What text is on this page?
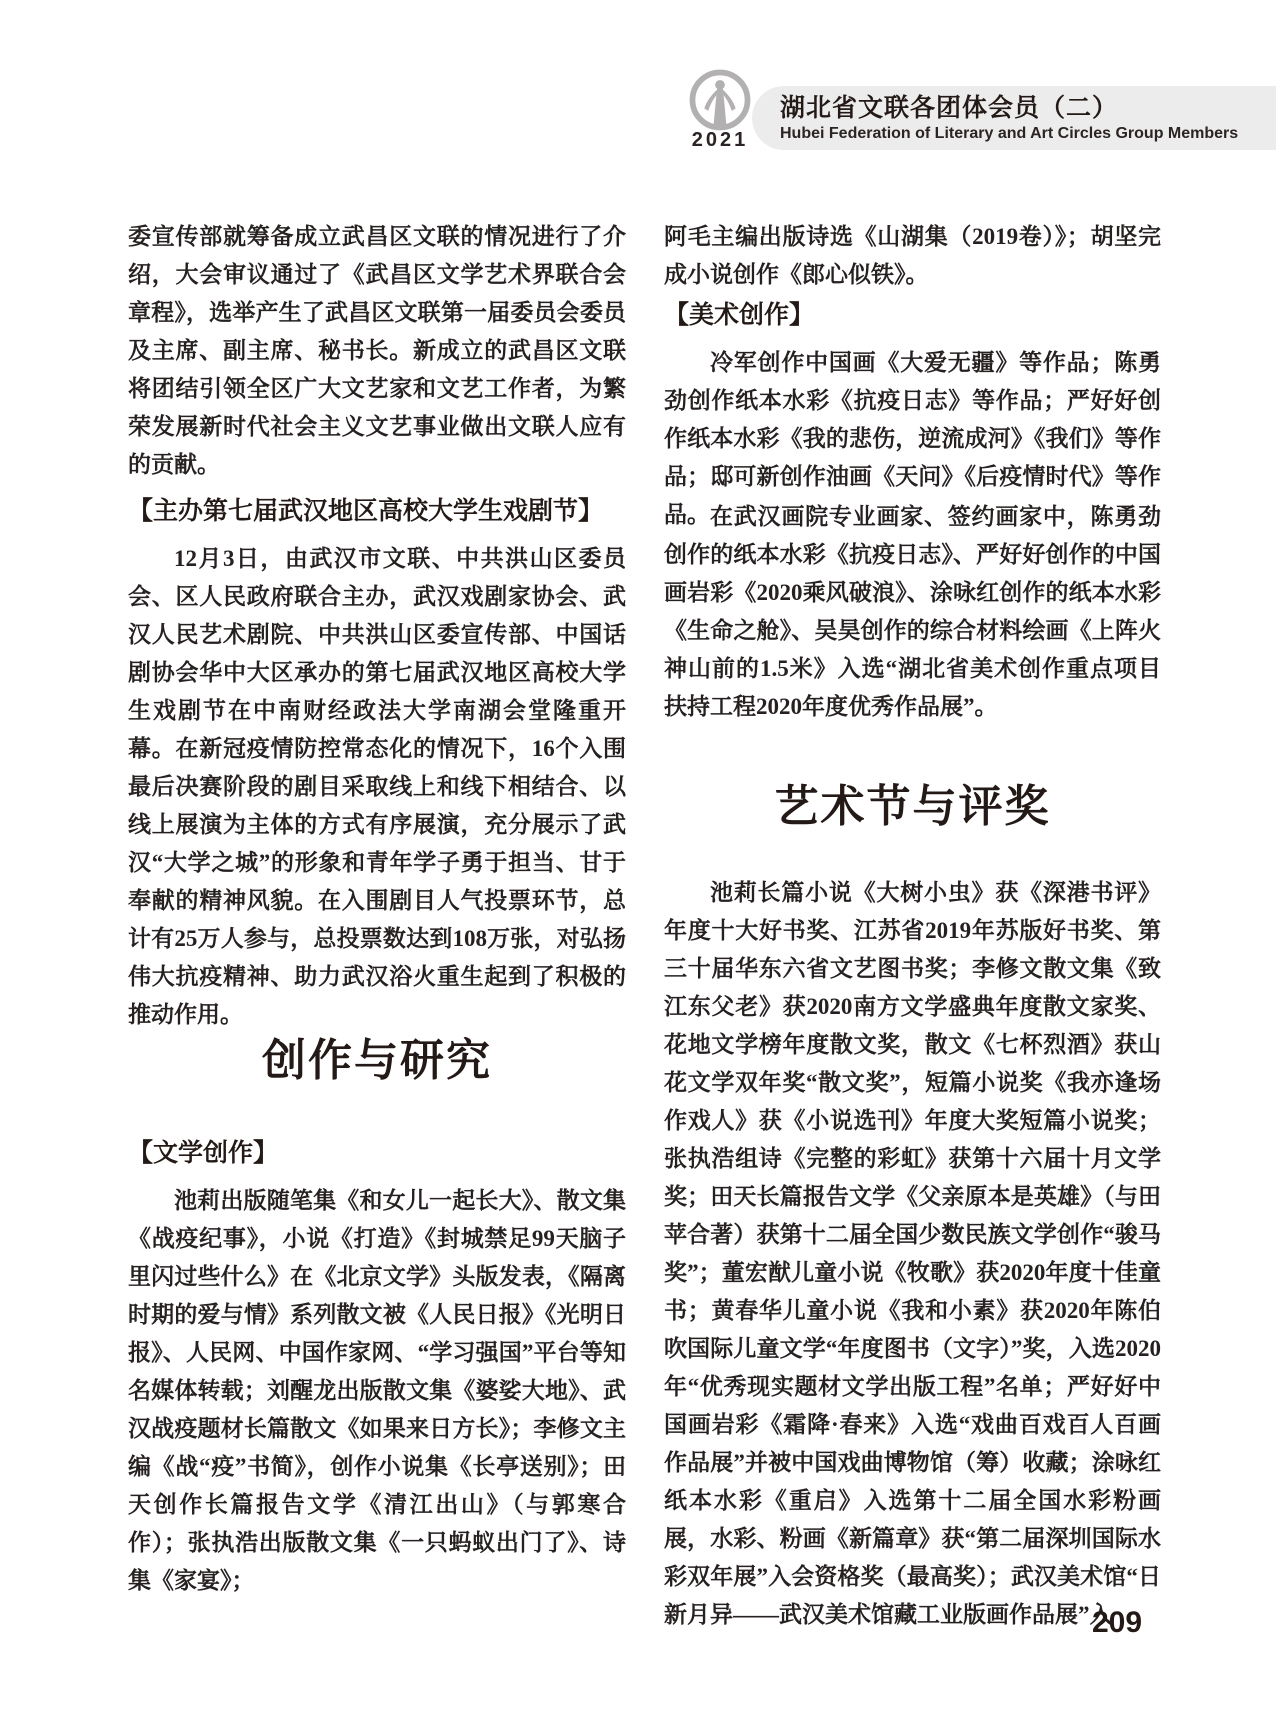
2021
湖北省文联各团体会员（二）
Hubei Federation of Literary and Art Circles Group Members

委宣传部就筹备成立武昌区文联的情况进行了介绍，大会审议通过了《武昌区文学艺术界联合会章程》，选举产生了武昌区文联第一届委员会委员及主席、副主席、秘书长。新成立的武昌区文联将团结引领全区广大文艺家和文艺工作者，为繁荣发展新时代社会主义文艺事业做出文联人应有的贡献。

【主办第七届武汉地区高校大学生戏剧节】

12月3日，由武汉市文联、中共洪山区委员会、区人民政府联合主办，武汉戏剧家协会、武汉人民艺术剧院、中共洪山区委宣传部、中国话剧协会华中大区承办的第七届武汉地区高校大学生戏剧节在中南财经政法大学南湖会堂隆重开幕。在新冠疫情防控常态化的情况下，16个入围最后决赛阶段的剧目采取线上和线下相结合、以线上展演为主体的方式有序展演，充分展示了武汉“大学之城”的形象和青年学子勇于担当、甘于奉献的精神风貌。在入围剧目人气投票环节，总计有25万人参与，总投票数达到108万张，对弘扬伟大抗疫精神、助力武汉浴火重生起到了积极的推动作用。

创作与研究
【文学创作】

池莉出版随笔集《和女儿一起长大》、散文集《战疫纪事》，小说《打造》《封城禁足99天脑子里闪过些什么》在《北京文学》头版发表，《隔离时期的爱与情》系列散文被《人民日报》《光明日报》、人民网、中国作家网、“学习强国”平台等知名媒体转载；刘醒龙出版散文集《婆娑大地》、武汉战疫题材长篇散文《如果来日方长》；李修文主编《战“疫”书简》，创作小说集《长亭送别》；田天创作长篇报告文学《清江出山》（与郭寒合作）；张执浩出版散文集《一只蚂蚁出门了》、诗集《家宴》；

阿毛主编出版诗选《山湖集（2019卷）》；胡坚完成小说创作《郎心似铁》。

【美术创作】

冷军创作中国画《大爱无疆》等作品；陈勇劲创作纸本水彩《抗疫日志》等作品；严好好创作纸本水彩《我的悲伤，逆流成河》《我们》等作品；邸可新创作油画《天问》《后疫情时代》等作品。 在武汉画院专业画家、签约画家中，陈勇劲创作的纸本水彩《抗疫日志》、严好好创作的中国画岩彩《2020乘风破浪》、涂咏红创作的纸本水彩《生命之舱》、吴昊创作的综合材料绘画《上阵火神山前的1.5米》入选“湖北省美术创作重点项目扶持工程2020年度优秀作品展”。

艺术节与评奖

池莉长篇小说《大树小虫》获《深港书评》年度十大好书奖、江苏省2019年苏版好书奖、第三十届华东六省文艺图书奖；李修文散文集《致江东父老》获2020南方文学盛典年度散文家奖、花地文学榜年度散文奖，散文《七杯烈酒》获山花文学双年奖“散文奖”，短篇小说奖《我亦逢场作戏人》获《小说选刊》年度大奖短篇小说奖；张执浩组诗《完整的彩虹》获第十六届十月文学奖；田天长篇报告文学《父亲原本是英雄》（与田苹合著）获第十二届全国少数民族文学创作“骏马奖”；董宏猷儿童小说《牧歌》获2020年度十佳童书；黄春华儿童小说《我和小素》获2020年陈伯吹国际儿童文学“年度图书（文字）”奖，入选2020年“优秀现实题材文学出版工程”名单；严好好中国画岩彩《霜降·春来》入选“戏曲百戏百人百画作品展”并被中国戏曲博物馆（筹）收藏；涂咏红纸本水彩《重启》入选第十二届全国水彩粉画展，水彩、粉画《新篇章》获“第二届深圳国际水彩双年展”入会资格奖（最高奖）；武汉美术馆“日新月异——武汉美术馆藏工业版画作品展”入

209
